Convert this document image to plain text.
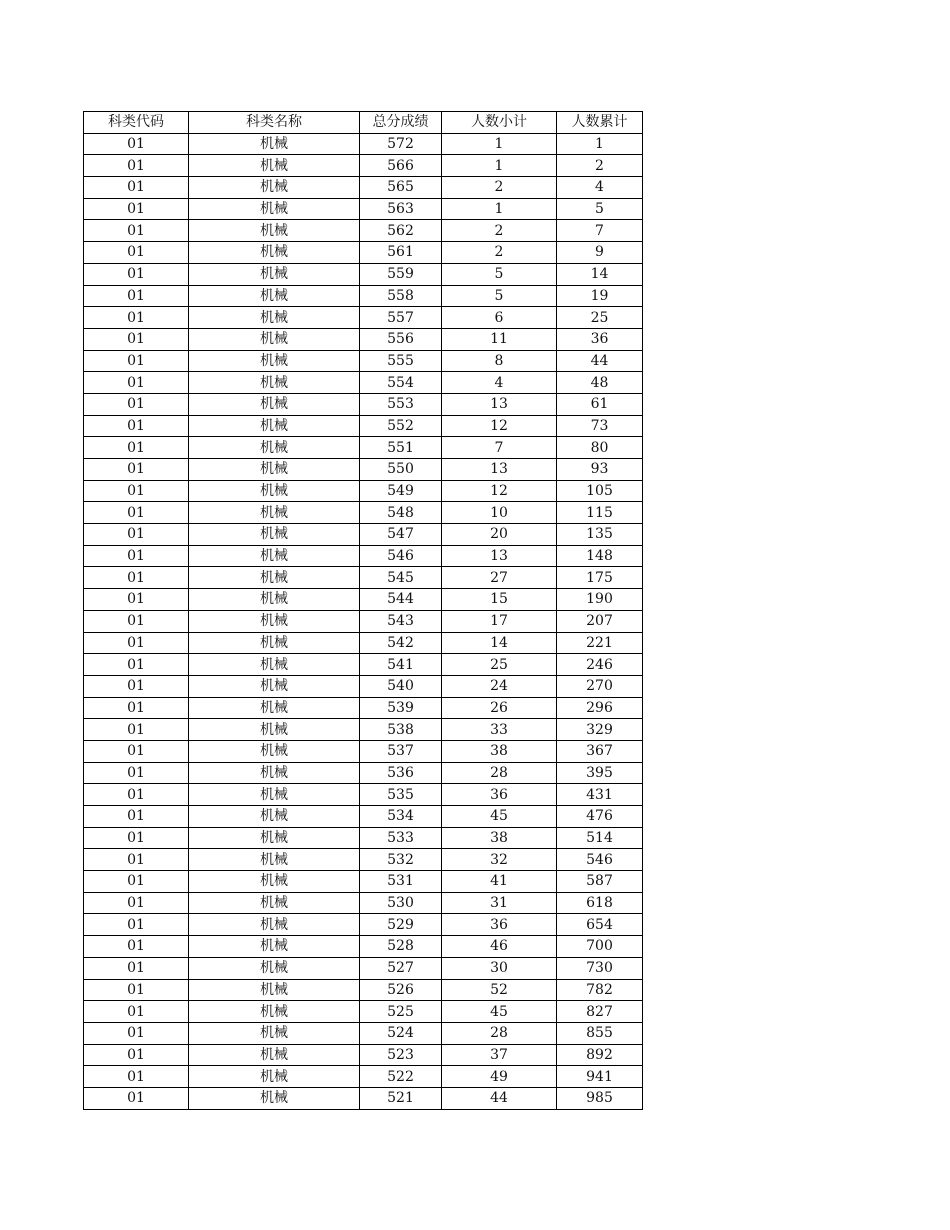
科类代码	科类名称	总分成绩	人数小计	人数累计
01	机械	572	1	1
01	机械	566	1	2
01	机械	565	2	4
01	机械	563	1	5
01	机械	562	2	7
01	机械	561	2	9
01	机械	559	5	14
01	机械	558	5	19
01	机械	557	6	25
01	机械	556	11	36
01	机械	555	8	44
01	机械	554	4	48
01	机械	553	13	61
01	机械	552	12	73
01	机械	551	7	80
01	机械	550	13	93
01	机械	549	12	105
01	机械	548	10	115
01	机械	547	20	135
01	机械	546	13	148
01	机械	545	27	175
01	机械	544	15	190
01	机械	543	17	207
01	机械	542	14	221
01	机械	541	25	246
01	机械	540	24	270
01	机械	539	26	296
01	机械	538	33	329
01	机械	537	38	367
01	机械	536	28	395
01	机械	535	36	431
01	机械	534	45	476
01	机械	533	38	514
01	机械	532	32	546
01	机械	531	41	587
01	机械	530	31	618
01	机械	529	36	654
01	机械	528	46	700
01	机械	527	30	730
01	机械	526	52	782
01	机械	525	45	827
01	机械	524	28	855
01	机械	523	37	892
01	机械	522	49	941
01	机械	521	44	985
